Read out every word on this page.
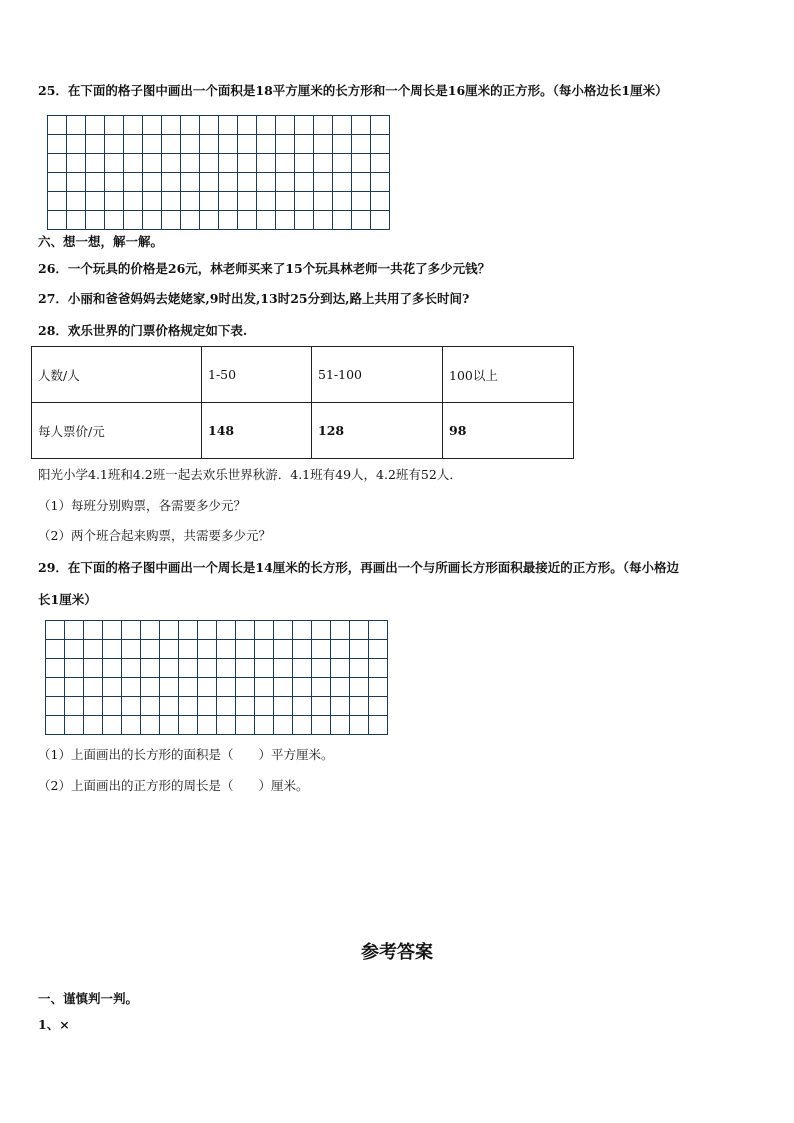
25．在下面的格子图中画出一个面积是18平方厘米的长方形和一个周长是16厘米的正方形。（每小格边长1厘米）
六、想一想，解一解。
26．一个玩具的价格是26元，林老师买来了15个玩具林老师一共花了多少元钱？
27．小丽和爸爸妈妈去姥姥家,9时出发,13时25分到达,路上共用了多长时间?
28．欢乐世界的门票价格规定如下表.
人数/人	1-50	51-100	100以上
每人票价/元	148	128	98
阳光小学4.1班和4.2班一起去欢乐世界秋游．4.1班有49人，4.2班有52人．
（1）每班分别购票，各需要多少元？
（2）两个班合起来购票，共需要多少元？
29．在下面的格子图中画出一个周长是14厘米的长方形，再画出一个与所画长方形面积最接近的正方形。（每小格边
长1厘米）
（1）上面画出的长方形的面积是（　　）平方厘米。
（2）上面画出的正方形的周长是（　　）厘米。
参考答案
一、谨慎判一判。
1、×
